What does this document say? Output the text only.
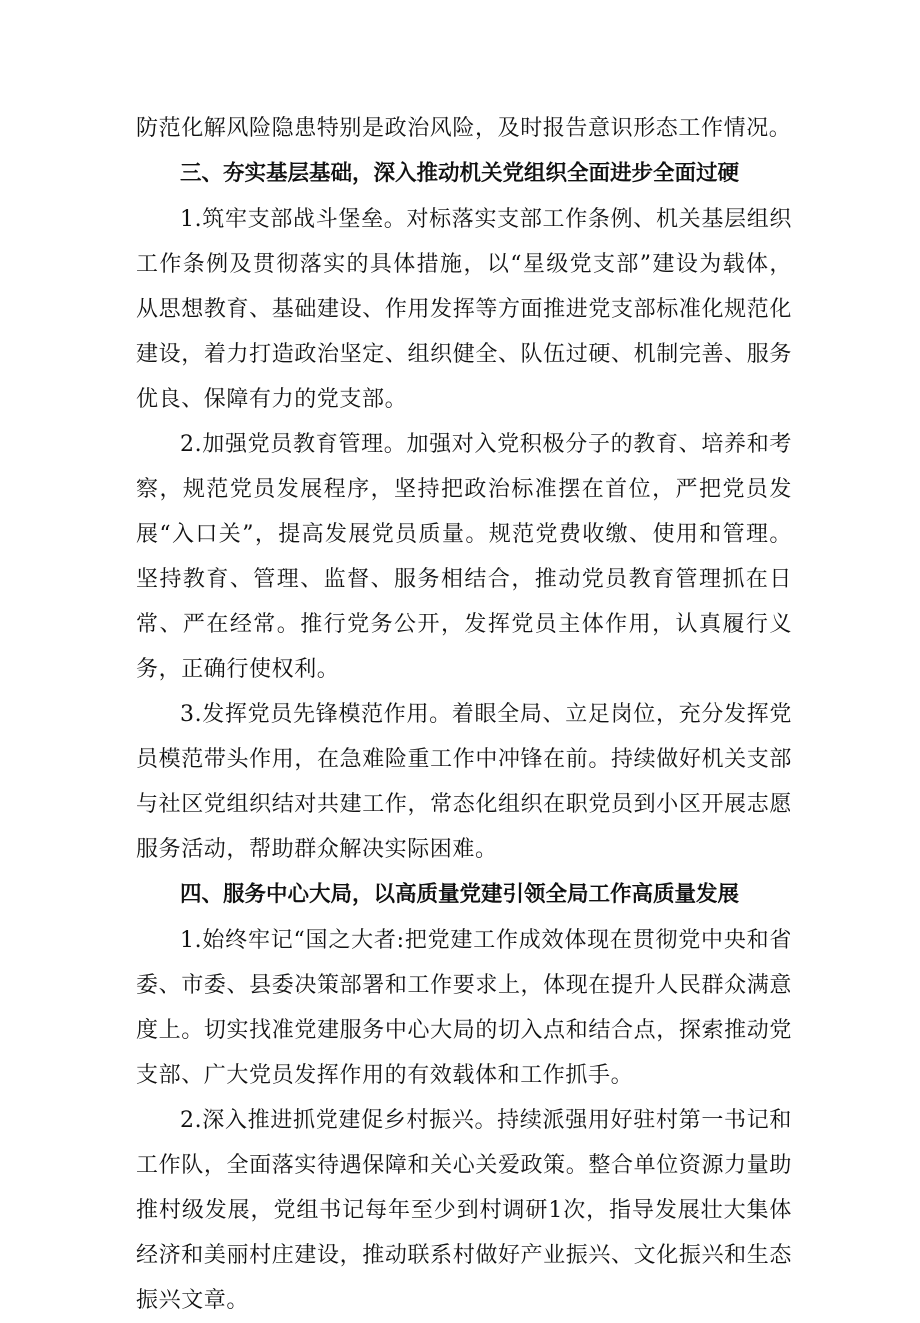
防范化解风险隐患特别是政治风险，及时报告意识形态工作情况。

三、夯实基层基础，深入推动机关党组织全面进步全面过硬

1.筑牢支部战斗堡垒。对标落实支部工作条例、机关基层组织工作条例及贯彻落实的具体措施，以“星级党支部”建设为载体，从思想教育、基础建设、作用发挥等方面推进党支部标准化规范化建设，着力打造政治坚定、组织健全、队伍过硬、机制完善、服务优良、保障有力的党支部。

2.加强党员教育管理。加强对入党积极分子的教育、培养和考察，规范党员发展程序，坚持把政治标准摆在首位，严把党员发展“入口关”，提高发展党员质量。规范党费收缴、使用和管理。坚持教育、管理、监督、服务相结合，推动党员教育管理抓在日常、严在经常。推行党务公开，发挥党员主体作用，认真履行义务，正确行使权利。

3.发挥党员先锋模范作用。着眼全局、立足岗位，充分发挥党员模范带头作用，在急难险重工作中冲锋在前。持续做好机关支部与社区党组织结对共建工作，常态化组织在职党员到小区开展志愿服务活动，帮助群众解决实际困难。

四、服务中心大局，以高质量党建引领全局工作高质量发展

1.始终牢记“国之大者:把党建工作成效体现在贯彻党中央和省委、市委、县委决策部署和工作要求上，体现在提升人民群众满意度上。切实找准党建服务中心大局的切入点和结合点，探索推动党支部、广大党员发挥作用的有效载体和工作抓手。

2.深入推进抓党建促乡村振兴。持续派强用好驻村第一书记和工作队，全面落实待遇保障和关心关爱政策。整合单位资源力量助推村级发展，党组书记每年至少到村调研1次，指导发展壮大集体经济和美丽村庄建设，推动联系村做好产业振兴、文化振兴和生态振兴文章。
